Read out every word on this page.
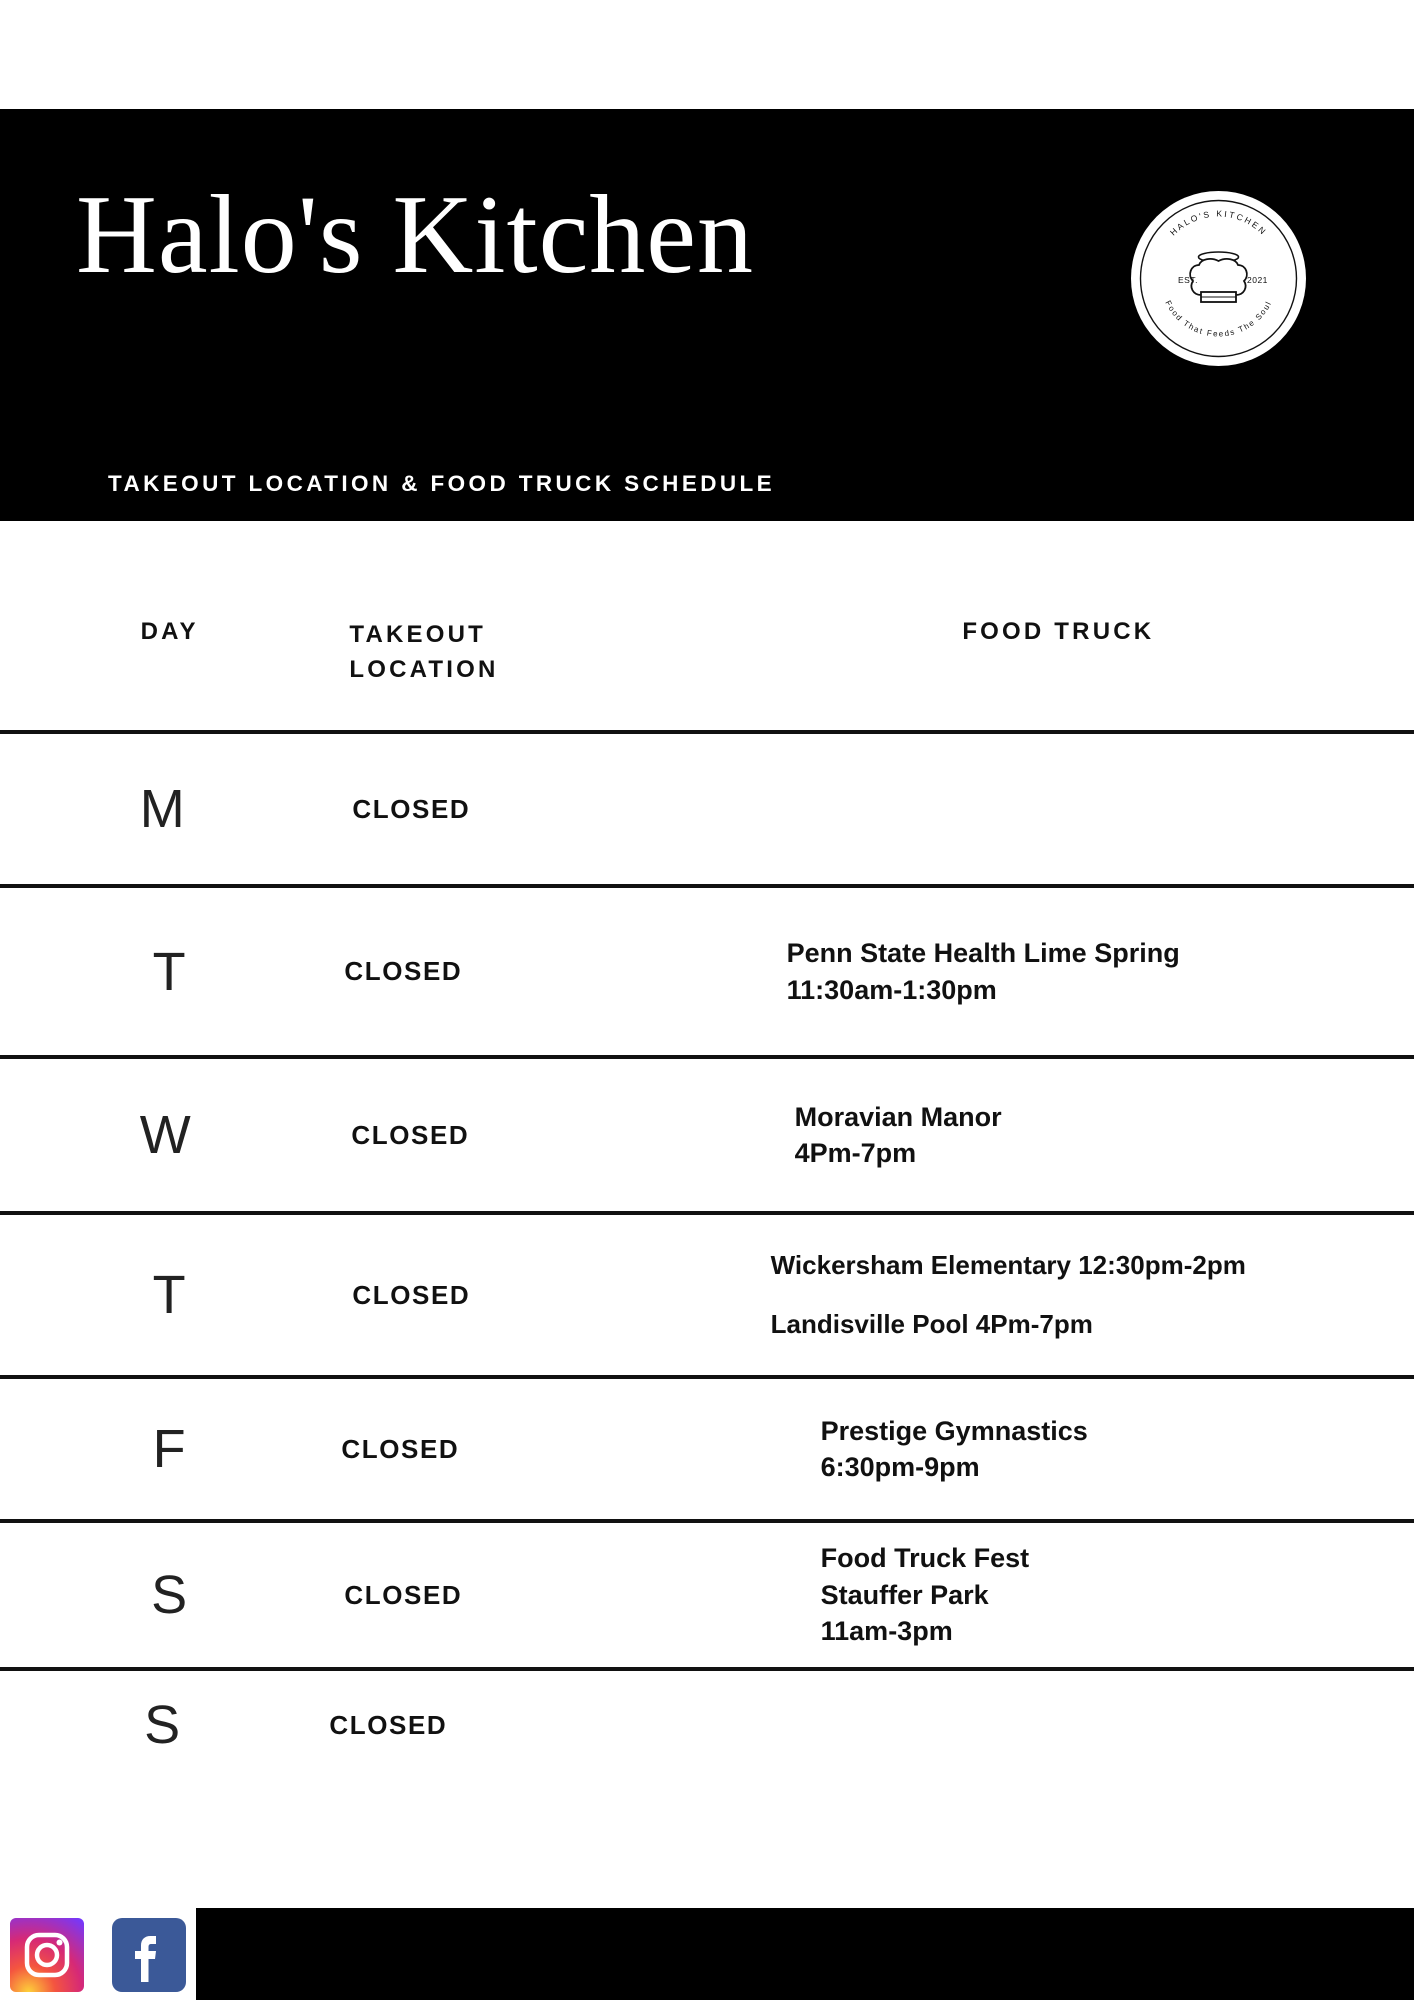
Halo's Kitchen
TAKEOUT LOCATION & FOOD TRUCK SCHEDULE
05/30/22 - 6/05/22
HALO'S KITCHEN
Food That Feeds The Soul
EST.	2021
DAY	TAKEOUT
LOCATION
FOOD TRUCK
M	CLOSED
T	CLOSED
Penn State Health Lime Spring
11:30am-1:30pm
W	CLOSED
Moravian Manor
4Pm-7pm
T	CLOSED
Wickersham Elementary 12:30pm-2pm
Landisville Pool 4Pm-7pm
F	CLOSED
Prestige Gymnastics
6:30pm-9pm
S	CLOSED
Food Truck Fest
Stauffer Park
11am-3pm
S	CLOSED
